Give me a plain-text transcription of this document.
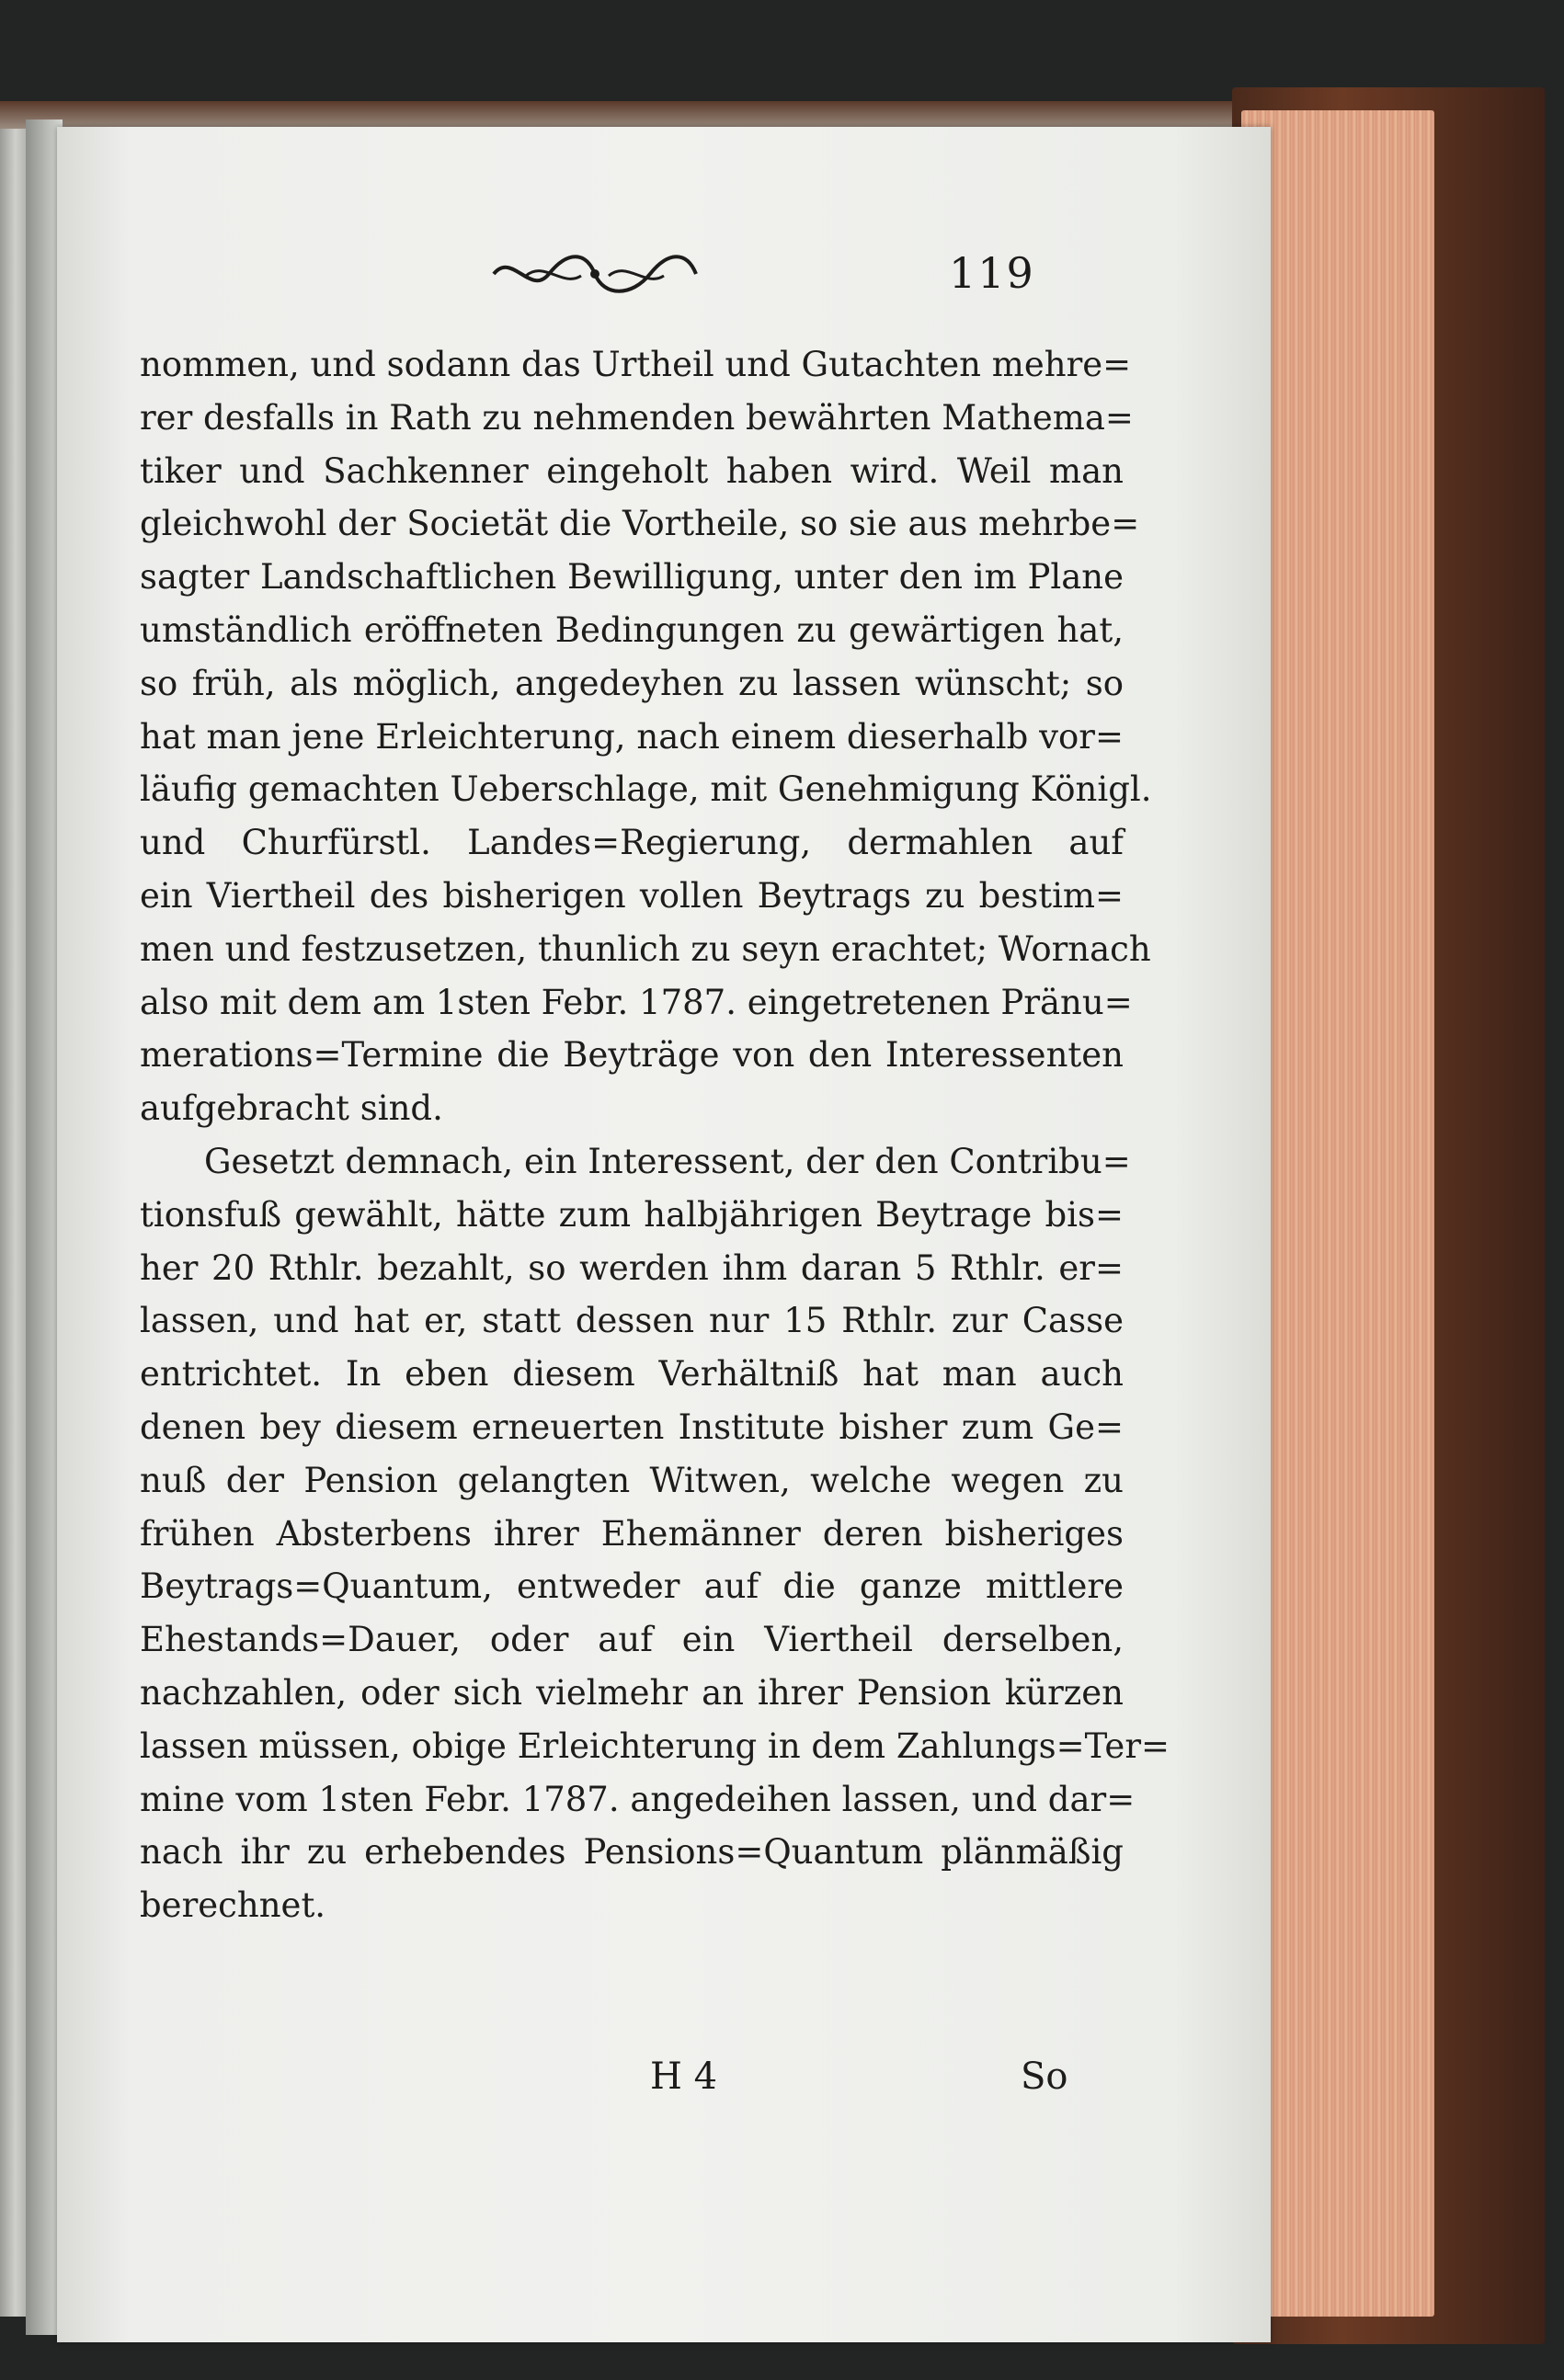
119
nommen, und sodann das Urtheil und Gutachten mehre=
rer desfalls in Rath zu nehmenden bewährten Mathema=
tiker und Sachkenner eingeholt haben wird. Weil man
gleichwohl der Societät die Vortheile, so sie aus mehrbe=
sagter Landschaftlichen Bewilligung, unter den im Plane
umständlich eröffneten Bedingungen zu gewärtigen hat,
so früh, als möglich, angedeyhen zu lassen wünscht; so
hat man jene Erleichterung, nach einem dieserhalb vor=
läufig gemachten Ueberschlage, mit Genehmigung Königl.
und Churfürstl. Landes=Regierung, dermahlen auf
ein Viertheil des bisherigen vollen Beytrags zu bestim=
men und festzusetzen, thunlich zu seyn erachtet; Wornach
also mit dem am 1sten Febr. 1787. eingetretenen Pränu=
merations=Termine die Beyträge von den Interessenten
aufgebracht sind.
Gesetzt demnach, ein Interessent, der den Contribu=
tionsfuß gewählt, hätte zum halbjährigen Beytrage bis=
her 20 Rthlr. bezahlt, so werden ihm daran 5 Rthlr. er=
lassen, und hat er, statt dessen nur 15 Rthlr. zur Casse
entrichtet. In eben diesem Verhältniß hat man auch
denen bey diesem erneuerten Institute bisher zum Ge=
nuß der Pension gelangten Witwen, welche wegen zu
frühen Absterbens ihrer Ehemänner deren bisheriges
Beytrags=Quantum, entweder auf die ganze mittlere
Ehestands=Dauer, oder auf ein Viertheil derselben,
nachzahlen, oder sich vielmehr an ihrer Pension kürzen
lassen müssen, obige Erleichterung in dem Zahlungs=Ter=
mine vom 1sten Febr. 1787. angedeihen lassen, und dar=
nach ihr zu erhebendes Pensions=Quantum plänmäßig
berechnet.
H 4	So
